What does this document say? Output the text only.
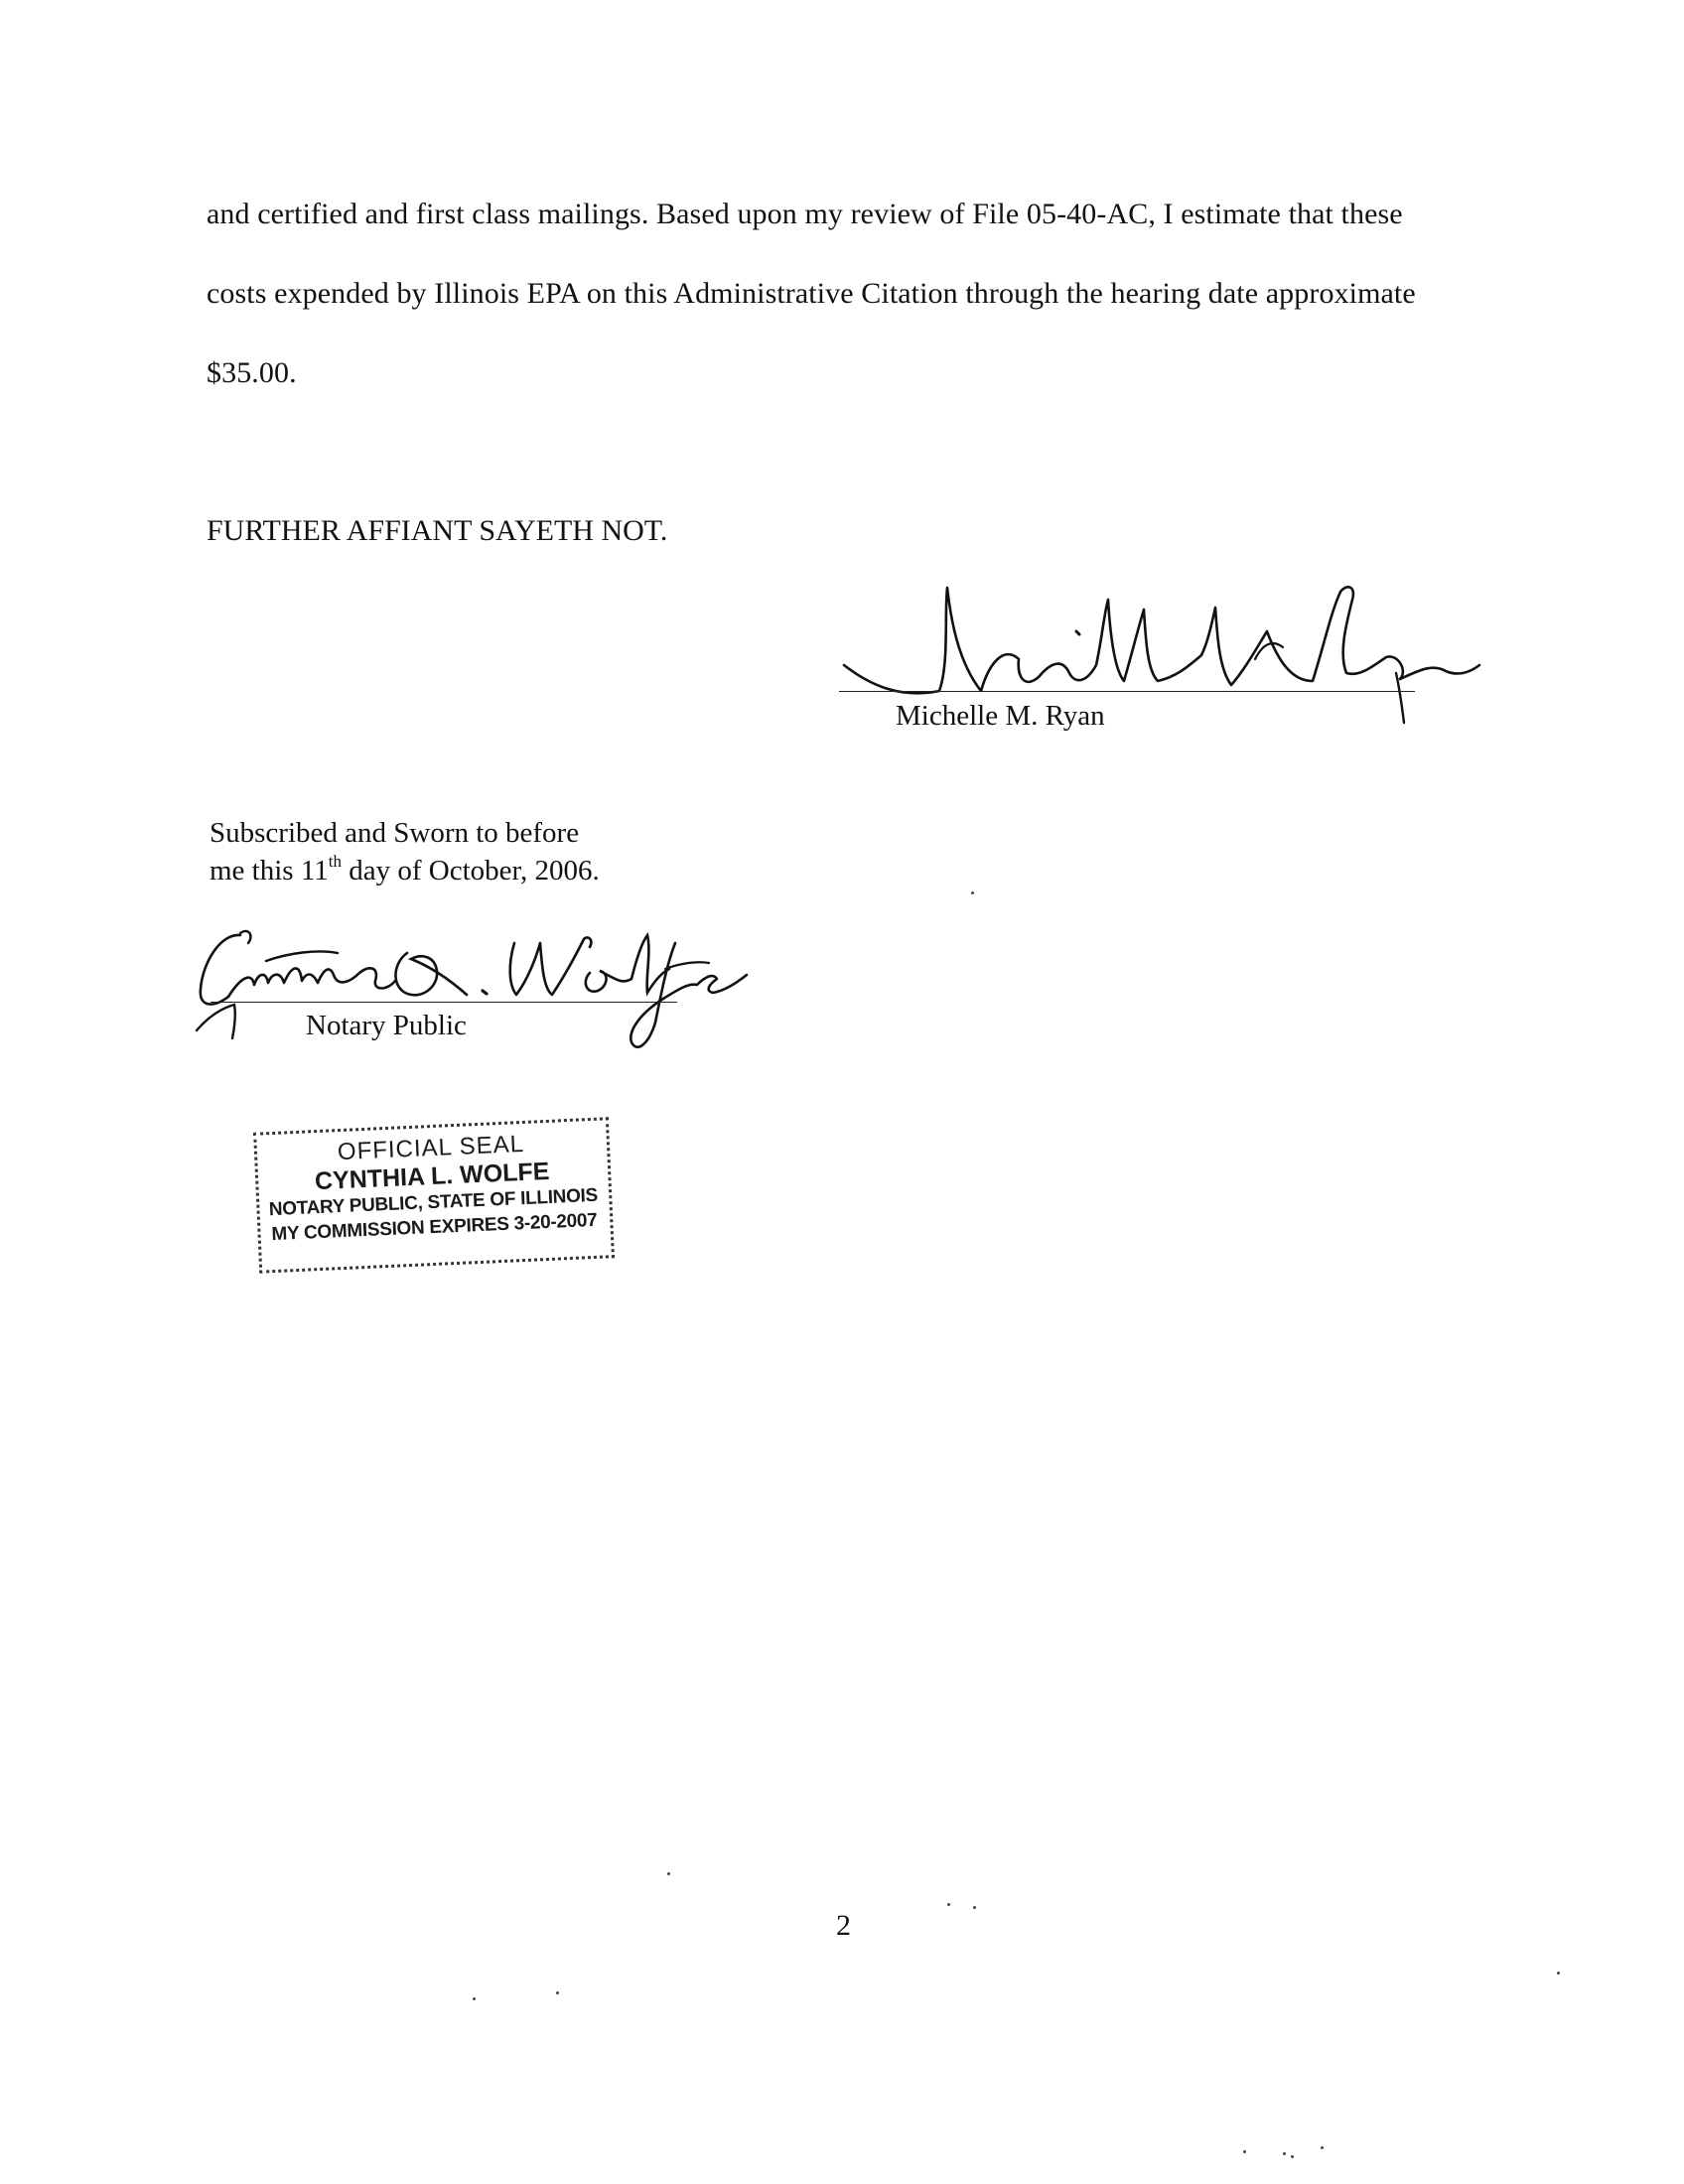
and certified and first class mailings. Based upon my review of File 05-40-AC, I estimate that these
costs expended by Illinois EPA on this Administrative Citation through the hearing date approximate
$35.00.
FURTHER AFFIANT SAYETH NOT.
Michelle M. Ryan
Subscribed and Sworn to before
me this 11th day of October, 2006.
Notary Public
OFFICIAL SEAL
CYNTHIA L. WOLFE
NOTARY PUBLIC, STATE OF ILLINOIS
MY COMMISSION EXPIRES 3-20-2007
2
